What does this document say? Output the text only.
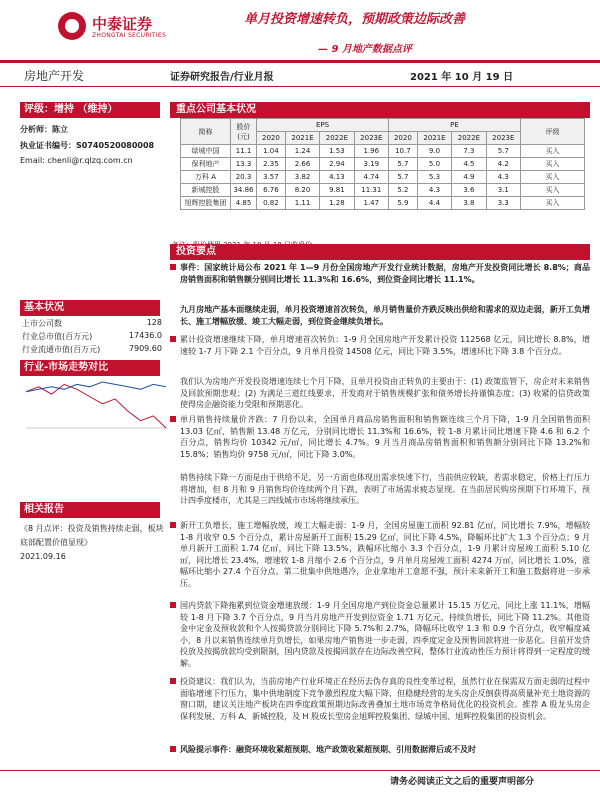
中泰证券
ZHONGTAI SECURITIES
单月投资增速转负，预期政策边际改善
— 9 月地产数据点评
房地产开发	证券研究报告/行业月报	2021 年 10 月 19 日
评级：增持 （维持）
分析师：陈立
执业证书编号：S0740520080008
Email: chenli@r.qlzq.com.cn
基本状况
上市公司数	128
行业总市值(百万元)	17436.0
行业流通市值(百万元)	7909.60
行业-市场走势对比
相关报告
《8 月点评：投资及销售持续走弱，板块底部配置价值显现》
2021.09.16
重点公司基本状况
简称	股价(元)	EPS				PE				评级
		2020	2021E	2022E	2023E	2020	2021E	2022E	2023E	
绿城中国	11.1	1.04	1.24	1.53	1.96	10.7	9.0	7.3	5.7	买入
保利地产	13.3	2.35	2.66	2.94	3.19	5.7	5.0	4.5	4.2	买入
万科 A	20.3	3.57	3.82	4.13	4.74	5.7	5.3	4.9	4.3	买入
新城控股	34.86	6.76	8.20	9.81	11.31	5.2	4.3	3.6	3.1	买入
旭辉控股集团	4.85	0.82	1.11	1.28	1.47	5.9	4.4	3.8	3.3	买入
投资要点
事件：国家统计局公布 2021 年 1—9 月份全国房地产开发行业统计数据，房地产开发投资同比增长 8.8%；商品房销售面积和销售额分别同比增长 11.3%和 16.6%，到位资金同比增长 11.1%。
九月房地产基本面继续走弱，单月投资增速首次转负，单月销售量价齐跌反映出供给和需求的双边走弱，新开工负增长、施工增幅放缓、竣工大幅走弱，到位资金继续负增长。
累计投资增速继续下降，单月增速首次转负：1-9 月全国房地产开发累计投资 112568 亿元，同比增长 8.8%，增速较 1-7 月下降 2.1 个百分点，9 月单月投资 14508 亿元，同比下降 3.5%，增速环比下降 3.8 个百分点。
我们认为房地产开发投资增速连续七个月下降，且单月投资由正转负的主要由于：(1) 政策监管下，房企对未来销售及回款预期悲观；(2) 为满足三道红线要求，开发商对于销售规模扩张和债务增长持谨慎态度；(3) 收紧的信贷政策使得房企融资能力受限和预期恶化。
单月销售持续量价齐跌：7 月份以来，全国单月商品房销售面积和销售额连续三个月下降，1-9 月全国销售面积 13.03 亿㎡，销售额 13.48 万亿元，分别同比增长 11.3%和 16.6%，较 1-8 月累计同比增速下降 4.6 和 6.2 个百分点，销售均价 10342 元/㎡，同比增长 4.7%。9 月当月商品房销售面积和销售额分别同比下降 13.2%和 15.8%；销售均价 9758 元/㎡，同比下降 3.0%。
销售持续下降一方面是由于供给不足，另一方面也体现出需求快速下行，当前供应较缺，若需求稳定，价格上行压力将增加，但 8 月和 9 月销售均价连续两个月下跌，表明了市场需求疲态显现。在当前居民购房预期下行环境下，预计四季度楼市，尤其是三四线城市市场将继续承压。
新开工负增长，施工增幅放缓，竣工大幅走弱：1-9 月，全国房屋施工面积 92.81 亿㎡，同比增长 7.9%，增幅较 1-8 月收窄 0.5 个百分点，累计房屋新开工面积 15.29 亿㎡，同比下降 4.5%，降幅环比扩大 1.3 个百分点；9 月单月新开工面积 1.74 亿㎡，同比下降 13.5%，跌幅环比缩小 3.3 个百分点，1-9 月累计房屋竣工面积 5.10 亿㎡，同比增长 23.4%，增速较 1-8 月缩小 2.6 个百分点，9 月单月房屋竣工面积 4274 万㎡，同比增长 1.0%，涨幅环比缩小 27.4 个百分点。第二批集中供地遇冷，企业拿地并工意愿不强，预计未来新开工和施工数据将进一步承压。
国内贷款下降拖累到位资金增速放缓：1-9 月全国房地产到位资金总量累计 15.15 万亿元，同比上涨 11.1%，增幅较 1-8 月下降 3.7 个百分点，9 月当月房地产开发到位资金 1.71 万亿元，持续负增长，同比下降 11.2%。其他资金中定金及预收款和个人按揭贷款分别同比下降 5.7%和 2.7%，降幅环比收窄 1.3 和 0.9 个百分点，收窄幅度减小，8 月以来销售连续单月负增长，如果房地产销售进一步走弱，四季度定金及预售回款将进一步恶化。目前开发贷投放及按揭放款均受到限制，国内贷款及按揭回款存在边际改善空间，整体行业流动性压力预计将得到一定程度的缓解。
投资建议：我们认为，当前房地产行业环境正在经历去伪存真的良性变革过程，虽然行业在保需双方面走弱的过程中面临增速下行压力，集中供地制度下竞争激烈程度大幅下降，但稳健经营的龙头房企反倒获得高质量补充土地资源的窗口期，建议关注地产板块在四季度政策预期边际改善叠加土地市场竞争格局优化的投资机会。推荐 A 股龙头房企保利发展、万科 A、新城控股，及 H 股成长型房企旭辉控股集团、绿城中国、旭辉控股集团的投资机会。
风险提示事件：融资环境收紧超预期、地产政策收紧超预期、引用数据滞后或不及时
请务必阅读正文之后的重要声明部分
